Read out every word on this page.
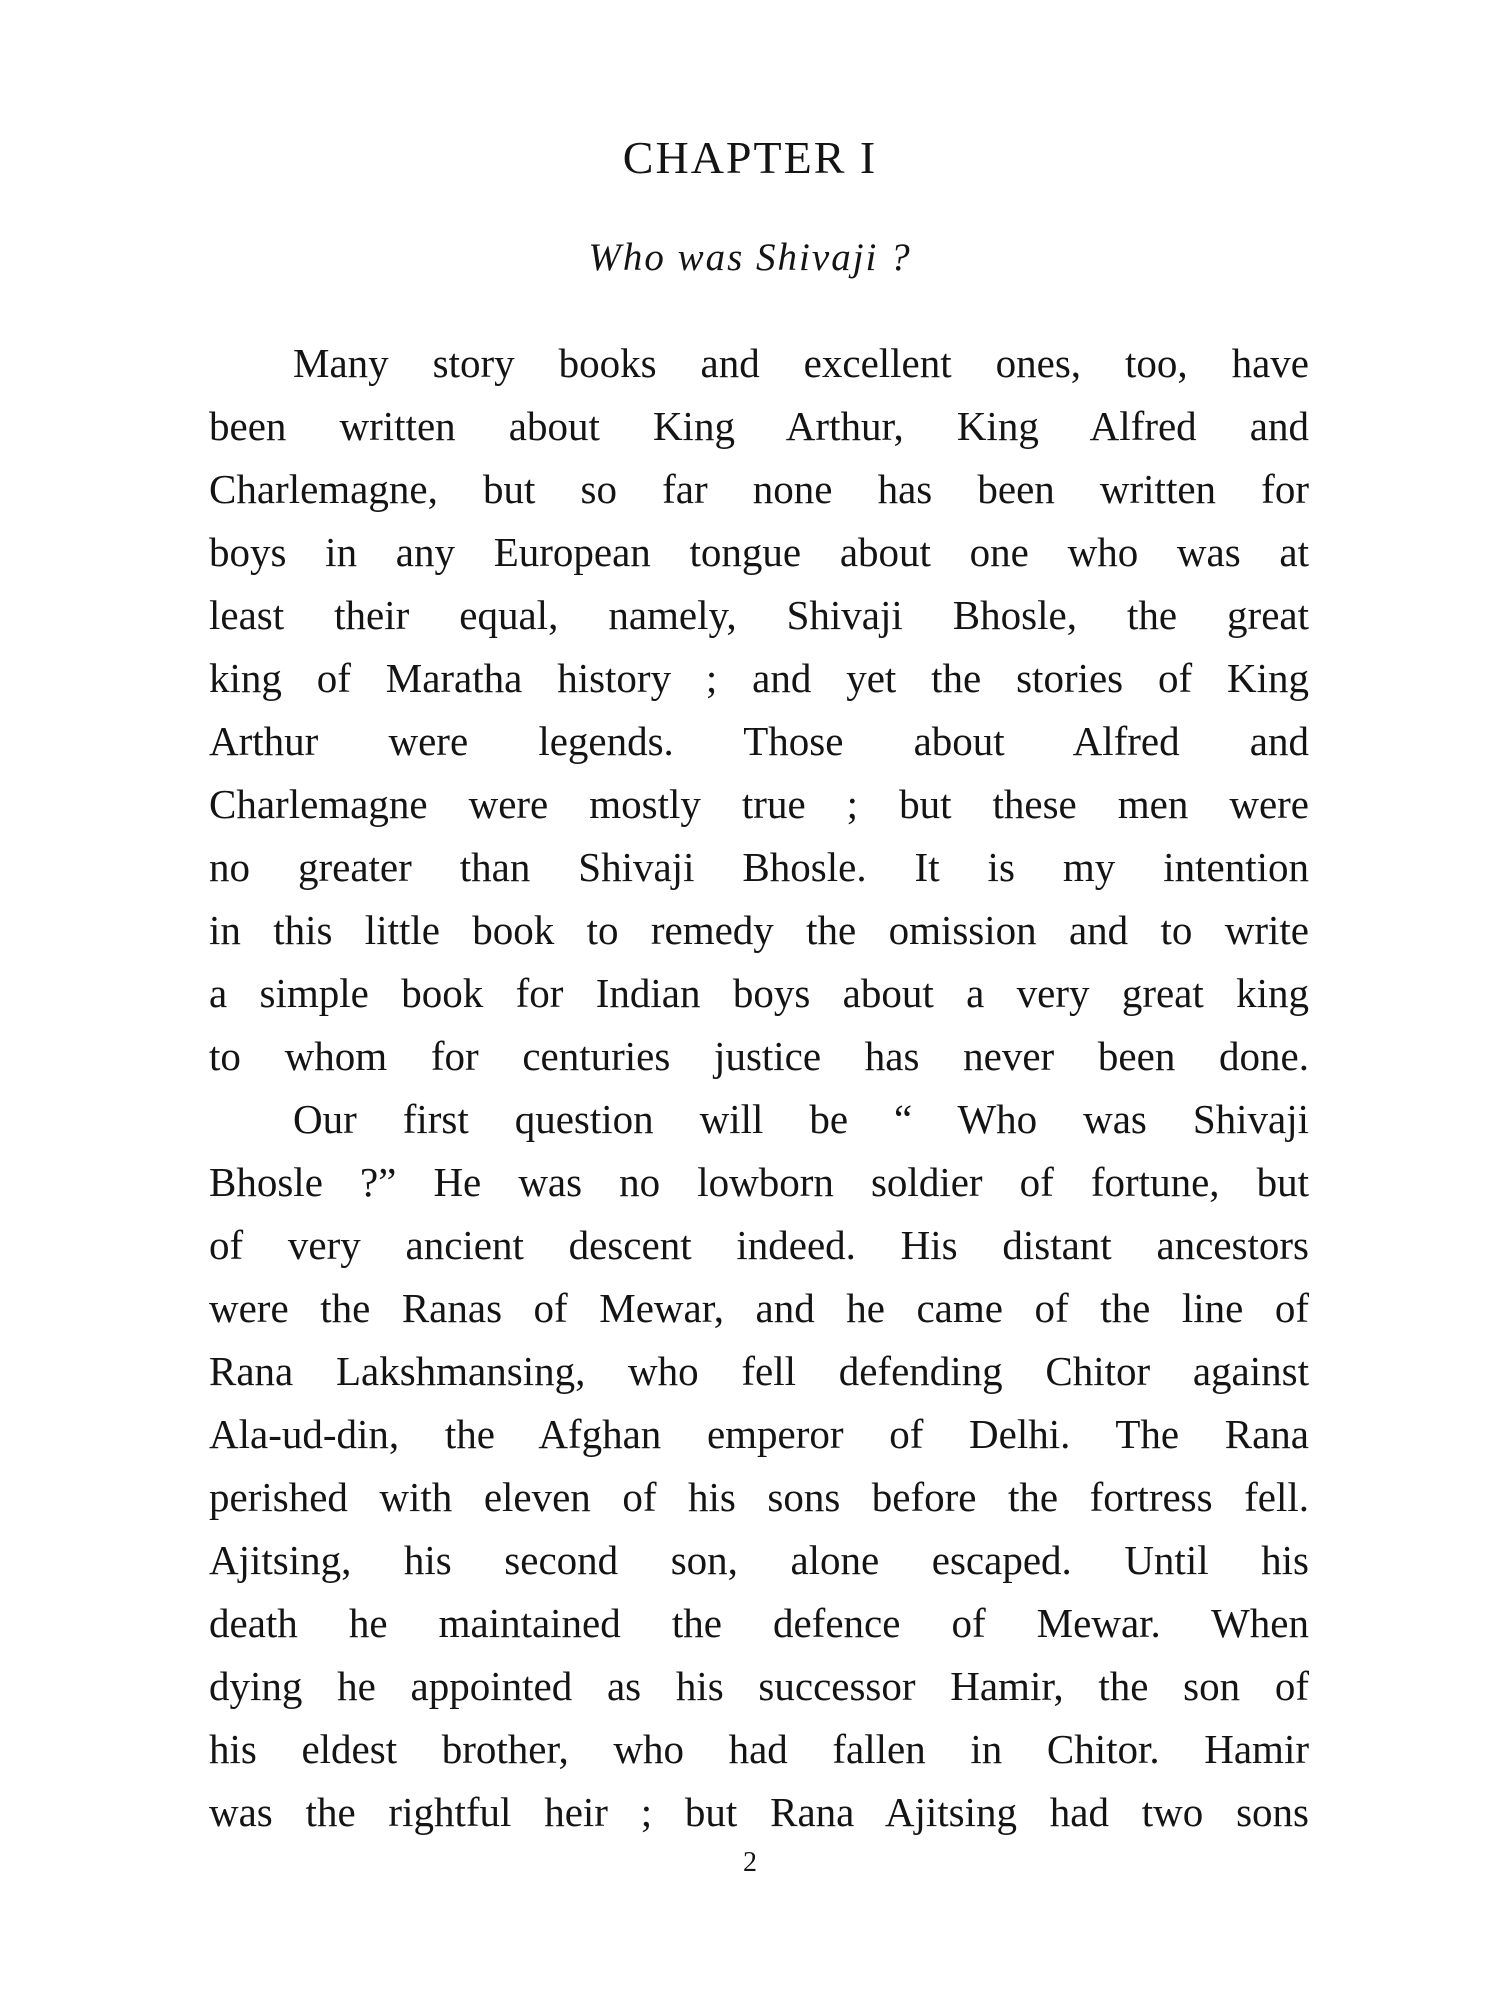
CHAPTER I
Who was Shivaji ?
Many story books and excellent ones, too, have
been written about King Arthur, King Alfred and
Charlemagne, but so far none has been written for
boys in any European tongue about one who was at
least their equal, namely, Shivaji Bhosle, the great
king of Maratha history ; and yet the stories of King
Arthur were legends. Those about Alfred and
Charlemagne were mostly true ; but these men were
no greater than Shivaji Bhosle. It is my intention
in this little book to remedy the omission and to write
a simple book for Indian boys about a very great king
to whom for centuries justice has never been done.
Our first question will be “ Who was Shivaji
Bhosle ?” He was no lowborn soldier of fortune, but
of very ancient descent indeed. His distant ancestors
were the Ranas of Mewar, and he came of the line of
Rana Lakshmansing, who fell defending Chitor against
Ala-ud-din, the Afghan emperor of Delhi. The Rana
perished with eleven of his sons before the fortress fell.
Ajitsing, his second son, alone escaped. Until his
death he maintained the defence of Mewar. When
dying he appointed as his successor Hamir, the son of
his eldest brother, who had fallen in Chitor. Hamir
was the rightful heir ; but Rana Ajitsing had two sons
2
